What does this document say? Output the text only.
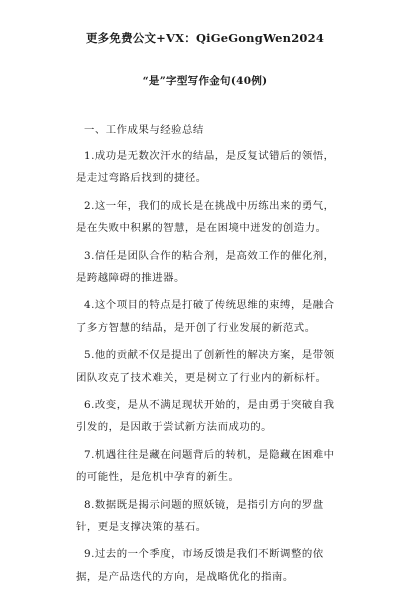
更多免费公文+VX：QiGeGongWen2024
“是”字型写作金句(40例)
一、工作成果与经验总结
1.成功是无数次汗水的结晶，是反复试错后的领悟，是走过弯路后找到的捷径。
2.这一年，我们的成长是在挑战中历练出来的勇气，是在失败中积累的智慧，是在困境中迸发的创造力。
3.信任是团队合作的粘合剂，是高效工作的催化剂，是跨越障碍的推进器。
4.这个项目的特点是打破了传统思维的束缚，是融合了多方智慧的结晶，是开创了行业发展的新范式。
5.他的贡献不仅是提出了创新性的解决方案，是带领团队攻克了技术难关，更是树立了行业内的新标杆。
6.改变，是从不满足现状开始的，是由勇于突破自我引发的，是因敢于尝试新方法而成功的。
7.机遇往往是藏在问题背后的转机，是隐藏在困难中的可能性，是危机中孕育的新生。
8.数据既是揭示问题的照妖镜，是指引方向的罗盘针，更是支撑决策的基石。
9.过去的一个季度，市场反馈是我们不断调整的依据，是产品迭代的方向，是战略优化的指南。
